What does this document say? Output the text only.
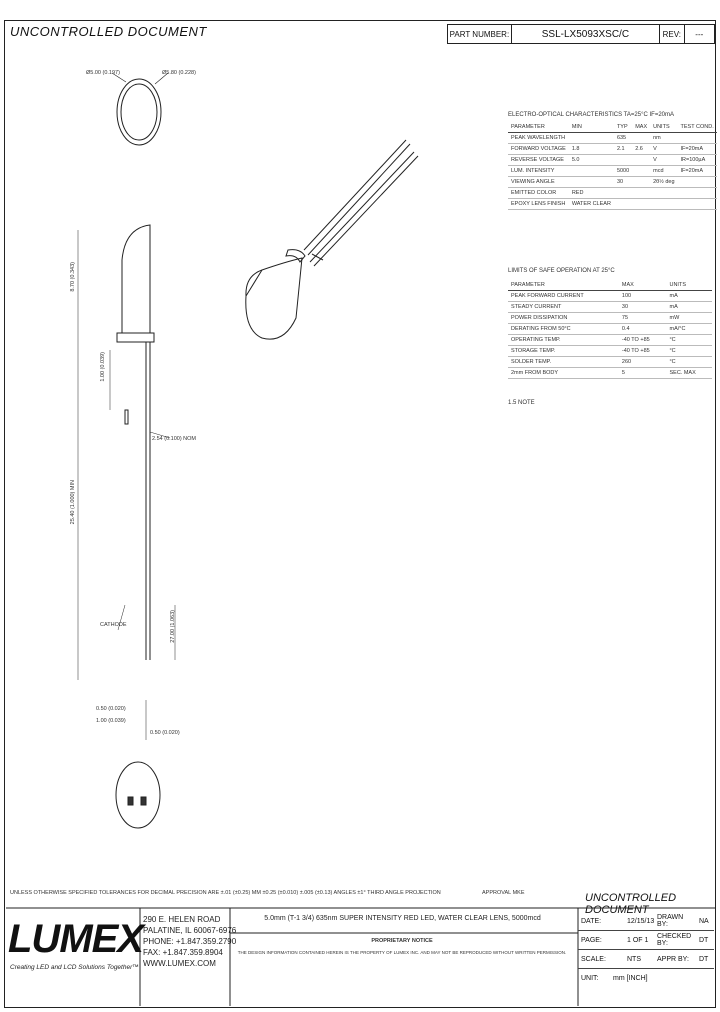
UNCONTROLLED DOCUMENT	PART NUMBER:	SSL-LX5093XSC/C	REV:	---
Ø5.00 (0.197)	Ø5.80 (0.228)
8.70 (0.343)
1.00 (0.039)
25.40 (1.000) MIN
2.54 (0.100) NOM
27.00 (1.063)
0.50 (0.020)
1.00 (0.039)
CATHODE
0.50 (0.020)
ELECTRO-OPTICAL CHARACTERISTICS TA=25°C IF=20mA
PARAMETER	MIN	TYP	MAX	UNITS	TEST COND.
PEAK WAVELENGTH		635		nm	
FORWARD VOLTAGE	1.8	2.1	2.6	V	IF=20mA
REVERSE VOLTAGE	5.0			V	IR=100µA
LUM. INTENSITY		5000		mcd	IF=20mA
VIEWING ANGLE		30		2θ½ deg	
EMITTED COLOR	RED				
EPOXY LENS FINISH	WATER CLEAR				
LIMITS OF SAFE OPERATION AT 25°C
PARAMETER	MAX	UNITS
PEAK FORWARD CURRENT	100	mA
STEADY CURRENT	30	mA
POWER DISSIPATION	75	mW
DERATING FROM 50°C	0.4	mA/°C
OPERATING TEMP.	-40 TO +85	°C
STORAGE TEMP.	-40 TO +85	°C
SOLDER TEMP.	260	°C
2mm FROM BODY	5	SEC. MAX
1.5 NOTE
UNLESS OTHERWISE SPECIFIED TOLERANCES FOR DECIMAL PRECISION ARE ±.01 (±0.25) MM ±0.25 (±0.010) ±.005 (±0.13) ANGLES ±1° THIRD ANGLE PROJECTION	APPROVAL MKE	UNCONTROLLED DOCUMENT
LUMEX
Creating LED and LCD Solutions Together™
290 E. HELEN ROAD
PALATINE, IL 60067-6976
PHONE: +1.847.359.2790
FAX: +1.847.359.8904
WWW.LUMEX.COM
5.0mm (T-1 3/4) 635nm SUPER INTENSITY RED LED, WATER CLEAR LENS, 5000mcd
PROPRIETARY NOTICE
THE DESIGN INFORMATION CONTAINED HEREIN IS THE PROPERTY OF LUMEX INC. AND MAY NOT BE REPRODUCED WITHOUT WRITTEN PERMISSION.
DATE:	12/15/13 DRAWN BY:	NA
PAGE:	1 OF 1	CHECKED BY:	DT
SCALE:	NTS	APPR BY:	DT
UNIT:	mm [INCH]
